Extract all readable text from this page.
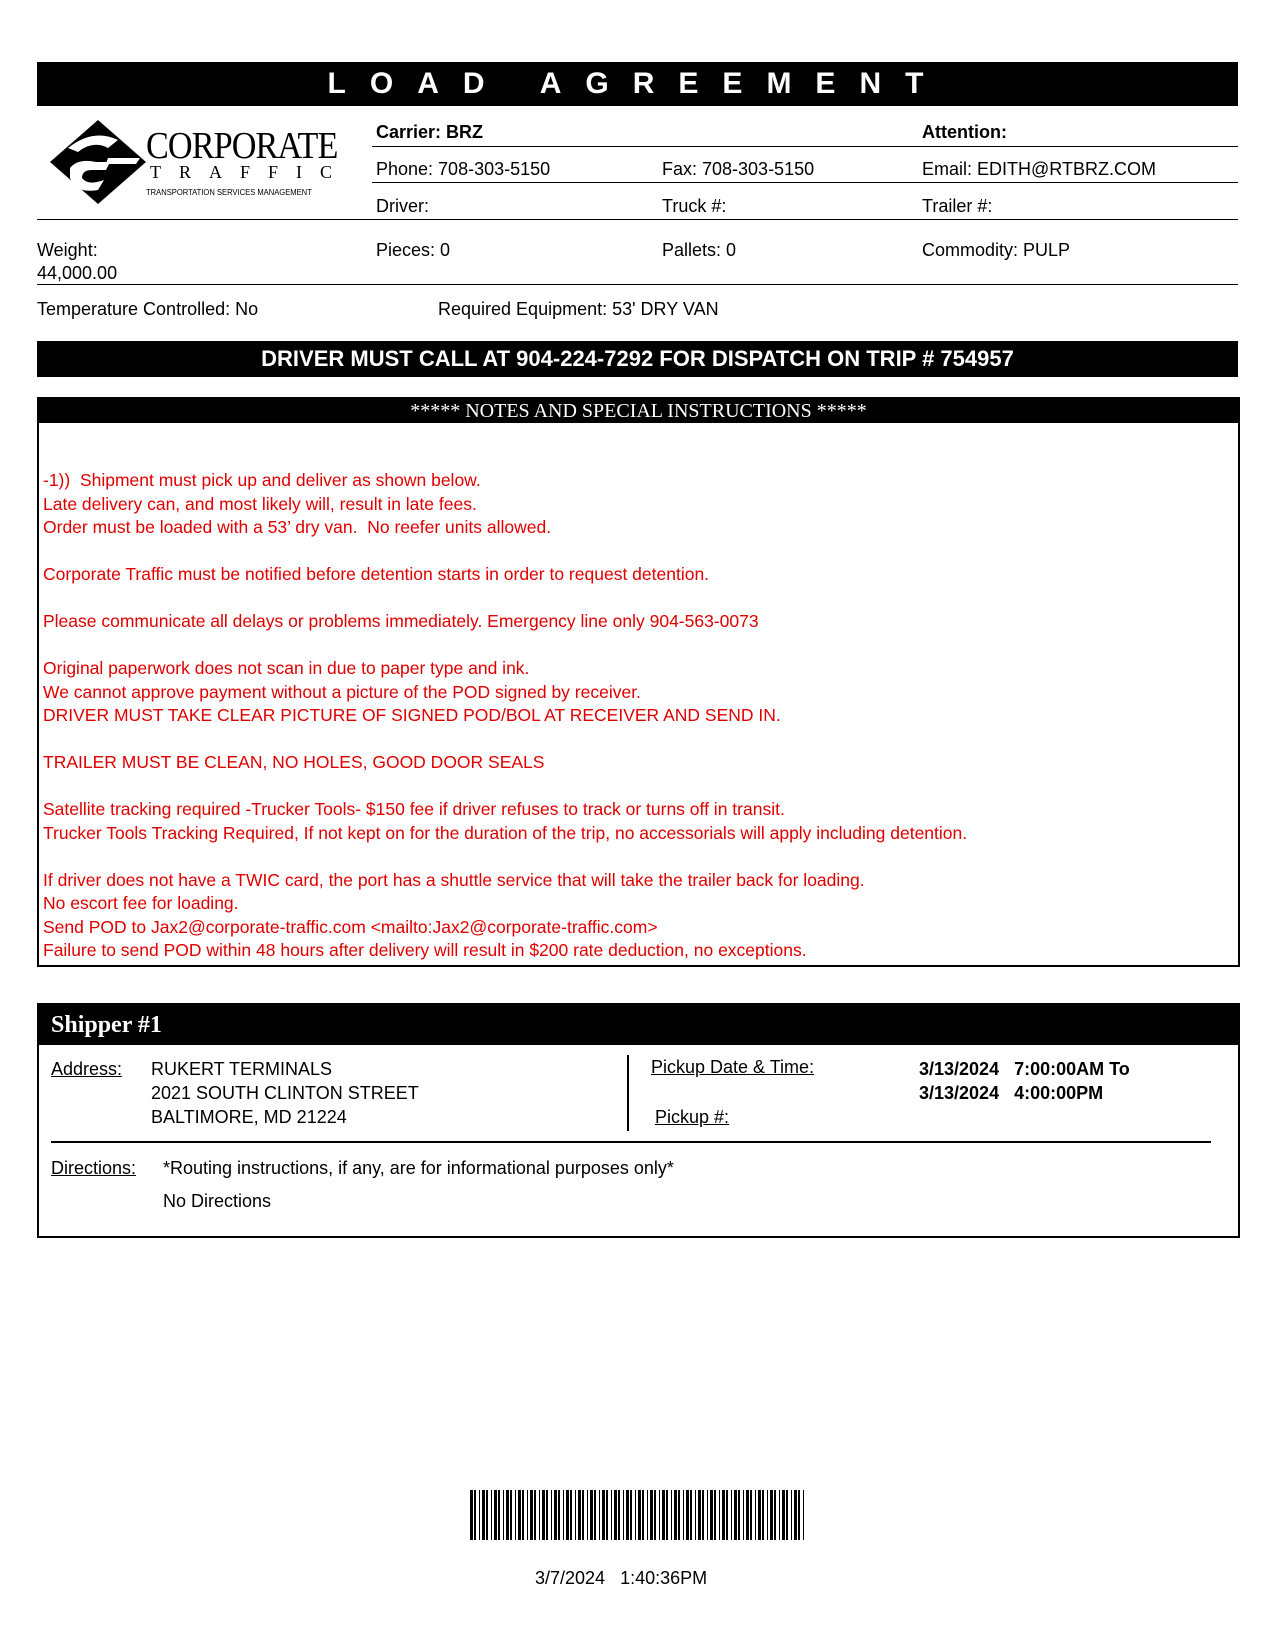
LOAD AGREEMENT
CORPORATE
TRAFFIC
TRANSPORTATION SERVICES MANAGEMENT
Carrier: BRZ	Attention:
Phone: 708-303-5150	Fax: 708-303-5150	Email: EDITH@RTBRZ.COM
Driver:	Truck #:	Trailer #:
Weight:
44,000.00
Pieces: 0	Pallets: 0	Commodity: PULP
Temperature Controlled: No	Required Equipment: 53' DRY VAN
DRIVER MUST CALL AT 904-224-7292 FOR DISPATCH ON TRIP # 754957
***** NOTES AND SPECIAL INSTRUCTIONS *****
-1))  Shipment must pick up and deliver as shown below.
Late delivery can, and most likely will, result in late fees.
Order must be loaded with a 53’ dry van.  No reefer units allowed.

Corporate Traffic must be notified before detention starts in order to request detention.

Please communicate all delays or problems immediately. Emergency line only 904-563-0073

Original paperwork does not scan in due to paper type and ink.
We cannot approve payment without a picture of the POD signed by receiver.
DRIVER MUST TAKE CLEAR PICTURE OF SIGNED POD/BOL AT RECEIVER AND SEND IN.

TRAILER MUST BE CLEAN, NO HOLES, GOOD DOOR SEALS

Satellite tracking required -Trucker Tools- $150 fee if driver refuses to track or turns off in transit.
Trucker Tools Tracking Required, If not kept on for the duration of the trip, no accessorials will apply including detention.

If driver does not have a TWIC card, the port has a shuttle service that will take the trailer back for loading.
No escort fee for loading.
Send POD to Jax2@corporate-traffic.com <mailto:Jax2@corporate-traffic.com>
Failure to send POD within 48 hours after delivery will result in $200 rate deduction, no exceptions.
Shipper #1
Address: RUKERT TERMINALS
2021 SOUTH CLINTON STREET
BALTIMORE, MD 21224
Pickup Date & Time:	3/13/2024   7:00:00AM To
3/13/2024   4:00:00PM
Pickup #:
Directions: *Routing instructions, if any, are for informational purposes only*
No Directions
3/7/2024   1:40:36PM
